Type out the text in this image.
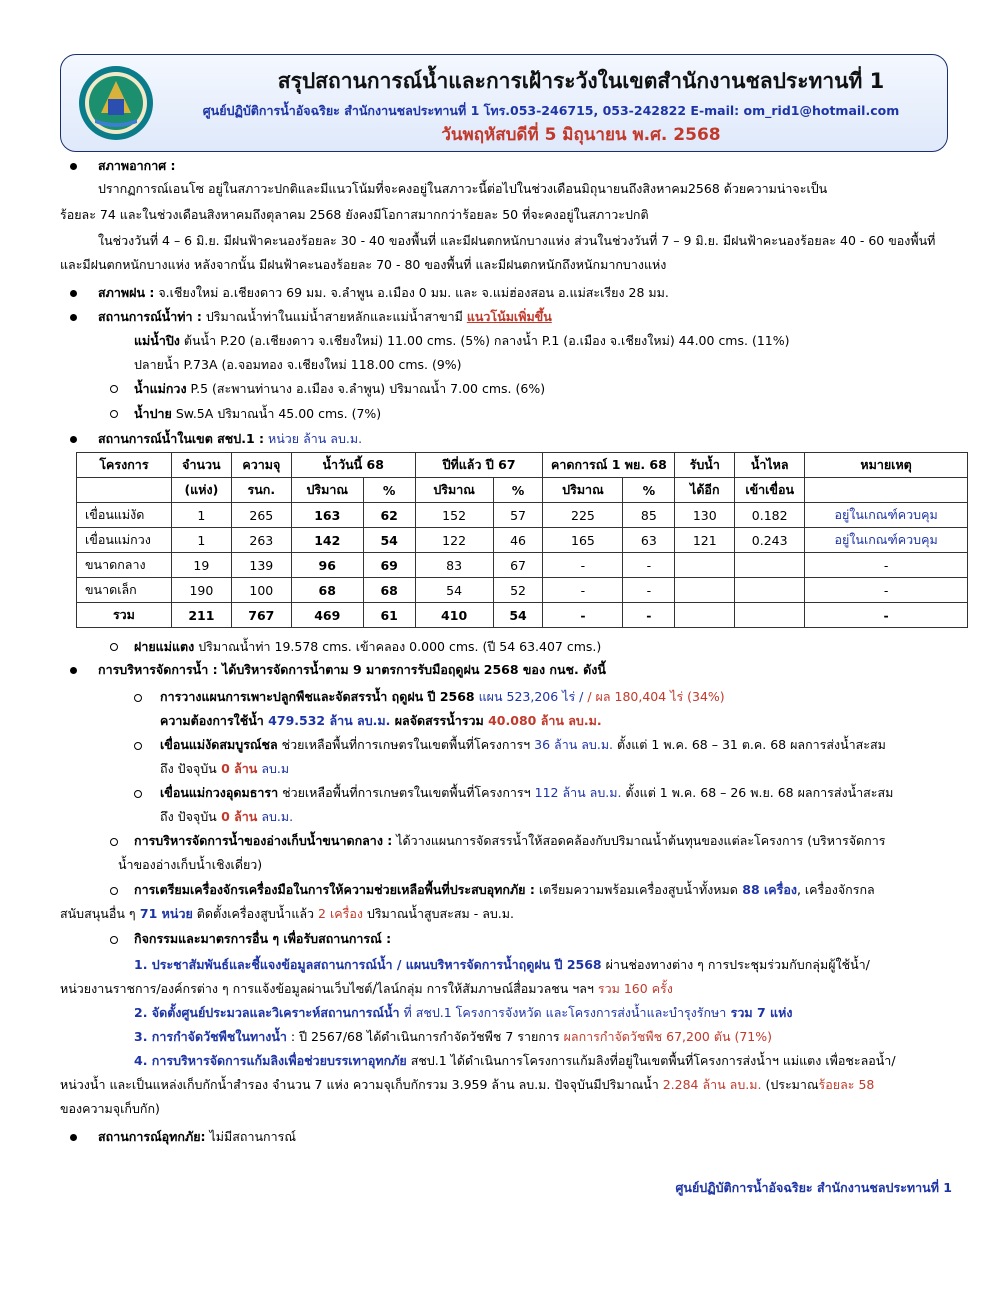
สรุปสถานการณ์น้ำและการเฝ้าระวังในเขตสำนักงานชลประทานที่ 1
ศูนย์ปฏิบัติการน้ำอัจฉริยะ สำนักงานชลประทานที่ 1 โทร.053-246715, 053-242822 E-mail: om_rid1@hotmail.com
วันพฤหัสบดีที่ 5 มิถุนายน พ.ศ. 2568
สภาพอากาศ :
ปรากฏการณ์เอนโซ อยู่ในสภาวะปกติและมีแนวโน้มที่จะคงอยู่ในสภาวะนี้ต่อไปในช่วงเดือนมิถุนายนถึงสิงหาคม2568 ด้วยความน่าจะเป็น
ร้อยละ 74 และในช่วงเดือนสิงหาคมถึงตุลาคม 2568 ยังคงมีโอกาสมากกว่าร้อยละ 50 ที่จะคงอยู่ในสภาวะปกติ
ในช่วงวันที่ 4 – 6 มิ.ย. มีฝนฟ้าคะนองร้อยละ 30 - 40 ของพื้นที่ และมีฝนตกหนักบางแห่ง ส่วนในช่วงวันที่ 7 – 9 มิ.ย. มีฝนฟ้าคะนองร้อยละ 40 - 60 ของพื้นที่
และมีฝนตกหนักบางแห่ง หลังจากนั้น มีฝนฟ้าคะนองร้อยละ 70 - 80 ของพื้นที่ และมีฝนตกหนักถึงหนักมากบางแห่ง
สภาพฝน : จ.เชียงใหม่ อ.เชียงดาว 69 มม. จ.ลำพูน อ.เมือง 0 มม. และ จ.แม่ฮ่องสอน อ.แม่สะเรียง 28 มม.
สถานการณ์น้ำท่า : ปริมาณน้ำท่าในแม่น้ำสายหลักและแม่น้ำสาขามี แนวโน้มเพิ่มขึ้น
แม่น้ำปิง ต้นน้ำ P.20 (อ.เชียงดาว จ.เชียงใหม่) 11.00 cms. (5%) กลางน้ำ P.1 (อ.เมือง จ.เชียงใหม่) 44.00 cms. (11%)
ปลายน้ำ P.73A (อ.จอมทอง จ.เชียงใหม่ 118.00 cms. (9%)
น้ำแม่กวง P.5 (สะพานท่านาง อ.เมือง จ.ลำพูน) ปริมาณน้ำ 7.00 cms. (6%)
น้ำปาย Sw.5A ปริมาณน้ำ 45.00 cms. (7%)
สถานการณ์น้ำในเขต สชป.1 : หน่วย ล้าน ลบ.ม.
โครงการ	จำนวน	ความจุ	น้ำวันนี้ 68		ปีที่แล้ว ปี 67		คาดการณ์ 1 พย. 68		รับน้ำ	น้ำไหล	หมายเหตุ
	(แห่ง)	รนก.	ปริมาณ	%	ปริมาณ	%	ปริมาณ	%	ได้อีก	เข้าเขื่อน	
เขื่อนแม่งัด	1	265	163	62	152	57	225	85	130	0.182	อยู่ในเกณฑ์ควบคุม
เขื่อนแม่กวง	1	263	142	54	122	46	165	63	121	0.243	อยู่ในเกณฑ์ควบคุม
ขนาดกลาง	19	139	96	69	83	67	-	-			-
ขนาดเล็ก	190	100	68	68	54	52	-	-			-
รวม	211	767	469	61	410	54	-	-			-
ฝายแม่แตง ปริมาณน้ำท่า 19.578 cms. เข้าคลอง 0.000 cms. (ปี 54 63.407 cms.)
การบริหารจัดการน้ำ : ได้บริหารจัดการน้ำตาม 9 มาตรการรับมือฤดูฝน 2568 ของ กนช. ดังนี้
การวางแผนการเพาะปลูกพืชและจัดสรรน้ำ ฤดูฝน ปี 2568 แผน 523,206 ไร่ / / ผล 180,404 ไร่ (34%)
ความต้องการใช้น้ำ 479.532 ล้าน ลบ.ม. ผลจัดสรรน้ำรวม 40.080 ล้าน ลบ.ม.
เขื่อนแม่งัดสมบูรณ์ชล ช่วยเหลือพื้นที่การเกษตรในเขตพื้นที่โครงการฯ 36 ล้าน ลบ.ม. ตั้งแต่ 1 พ.ค. 68 – 31 ต.ค. 68 ผลการส่งน้ำสะสม
ถึง ปัจจุบัน 0 ล้าน ลบ.ม
เขื่อนแม่กวงอุดมธารา ช่วยเหลือพื้นที่การเกษตรในเขตพื้นที่โครงการฯ 112 ล้าน ลบ.ม. ตั้งแต่ 1 พ.ค. 68 – 26 พ.ย. 68 ผลการส่งน้ำสะสม
ถึง ปัจจุบัน 0 ล้าน ลบ.ม.
การบริหารจัดการน้ำของอ่างเก็บน้ำขนาดกลาง : ได้วางแผนการจัดสรรน้ำให้สอดคล้องกับปริมาณน้ำต้นทุนของแต่ละโครงการ (บริหารจัดการ
น้ำของอ่างเก็บน้ำเชิงเดี่ยว)
การเตรียมเครื่องจักรเครื่องมือในการให้ความช่วยเหลือพื้นที่ประสบอุทกภัย : เตรียมความพร้อมเครื่องสูบน้ำทั้งหมด 88 เครื่อง, เครื่องจักรกล
สนับสนุนอื่น ๆ 71 หน่วย ติดตั้งเครื่องสูบน้ำแล้ว 2 เครื่อง ปริมาณน้ำสูบสะสม - ลบ.ม.
กิจกรรมและมาตรการอื่น ๆ เพื่อรับสถานการณ์ :
1. ประชาสัมพันธ์และชี้แจงข้อมูลสถานการณ์น้ำ / แผนบริหารจัดการน้ำฤดูฝน ปี 2568 ผ่านช่องทางต่าง ๆ การประชุมร่วมกับกลุ่มผู้ใช้น้ำ/
หน่วยงานราชการ/องค์กรต่าง ๆ การแจ้งข้อมูลผ่านเว็บไซต์/ไลน์กลุ่ม การให้สัมภาษณ์สื่อมวลชน ฯลฯ รวม 160 ครั้ง
2. จัดตั้งศูนย์ประมวลและวิเคราะห์สถานการณ์น้ำ ที่ สชป.1 โครงการจังหวัด และโครงการส่งน้ำและบำรุงรักษา รวม 7 แห่ง
3. การกำจัดวัชพืชในทางน้ำ : ปี 2567/68 ได้ดำเนินการกำจัดวัชพืช 7 รายการ ผลการกำจัดวัชพืช 67,200 ตัน (71%)
4. การบริหารจัดการแก้มลิงเพื่อช่วยบรรเทาอุทกภัย สชป.1 ได้ดำเนินการโครงการแก้มลิงที่อยู่ในเขตพื้นที่โครงการส่งน้ำฯ แม่แตง เพื่อชะลอน้ำ/
หน่วงน้ำ และเป็นแหล่งเก็บกักน้ำสำรอง จำนวน 7 แห่ง ความจุเก็บกักรวม 3.959 ล้าน ลบ.ม. ปัจจุบันมีปริมาณน้ำ 2.284 ล้าน ลบ.ม. (ประมาณร้อยละ 58
ของความจุเก็บกัก)
สถานการณ์อุทกภัย: ไม่มีสถานการณ์
ศูนย์ปฏิบัติการน้ำอัจฉริยะ สำนักงานชลประทานที่ 1
